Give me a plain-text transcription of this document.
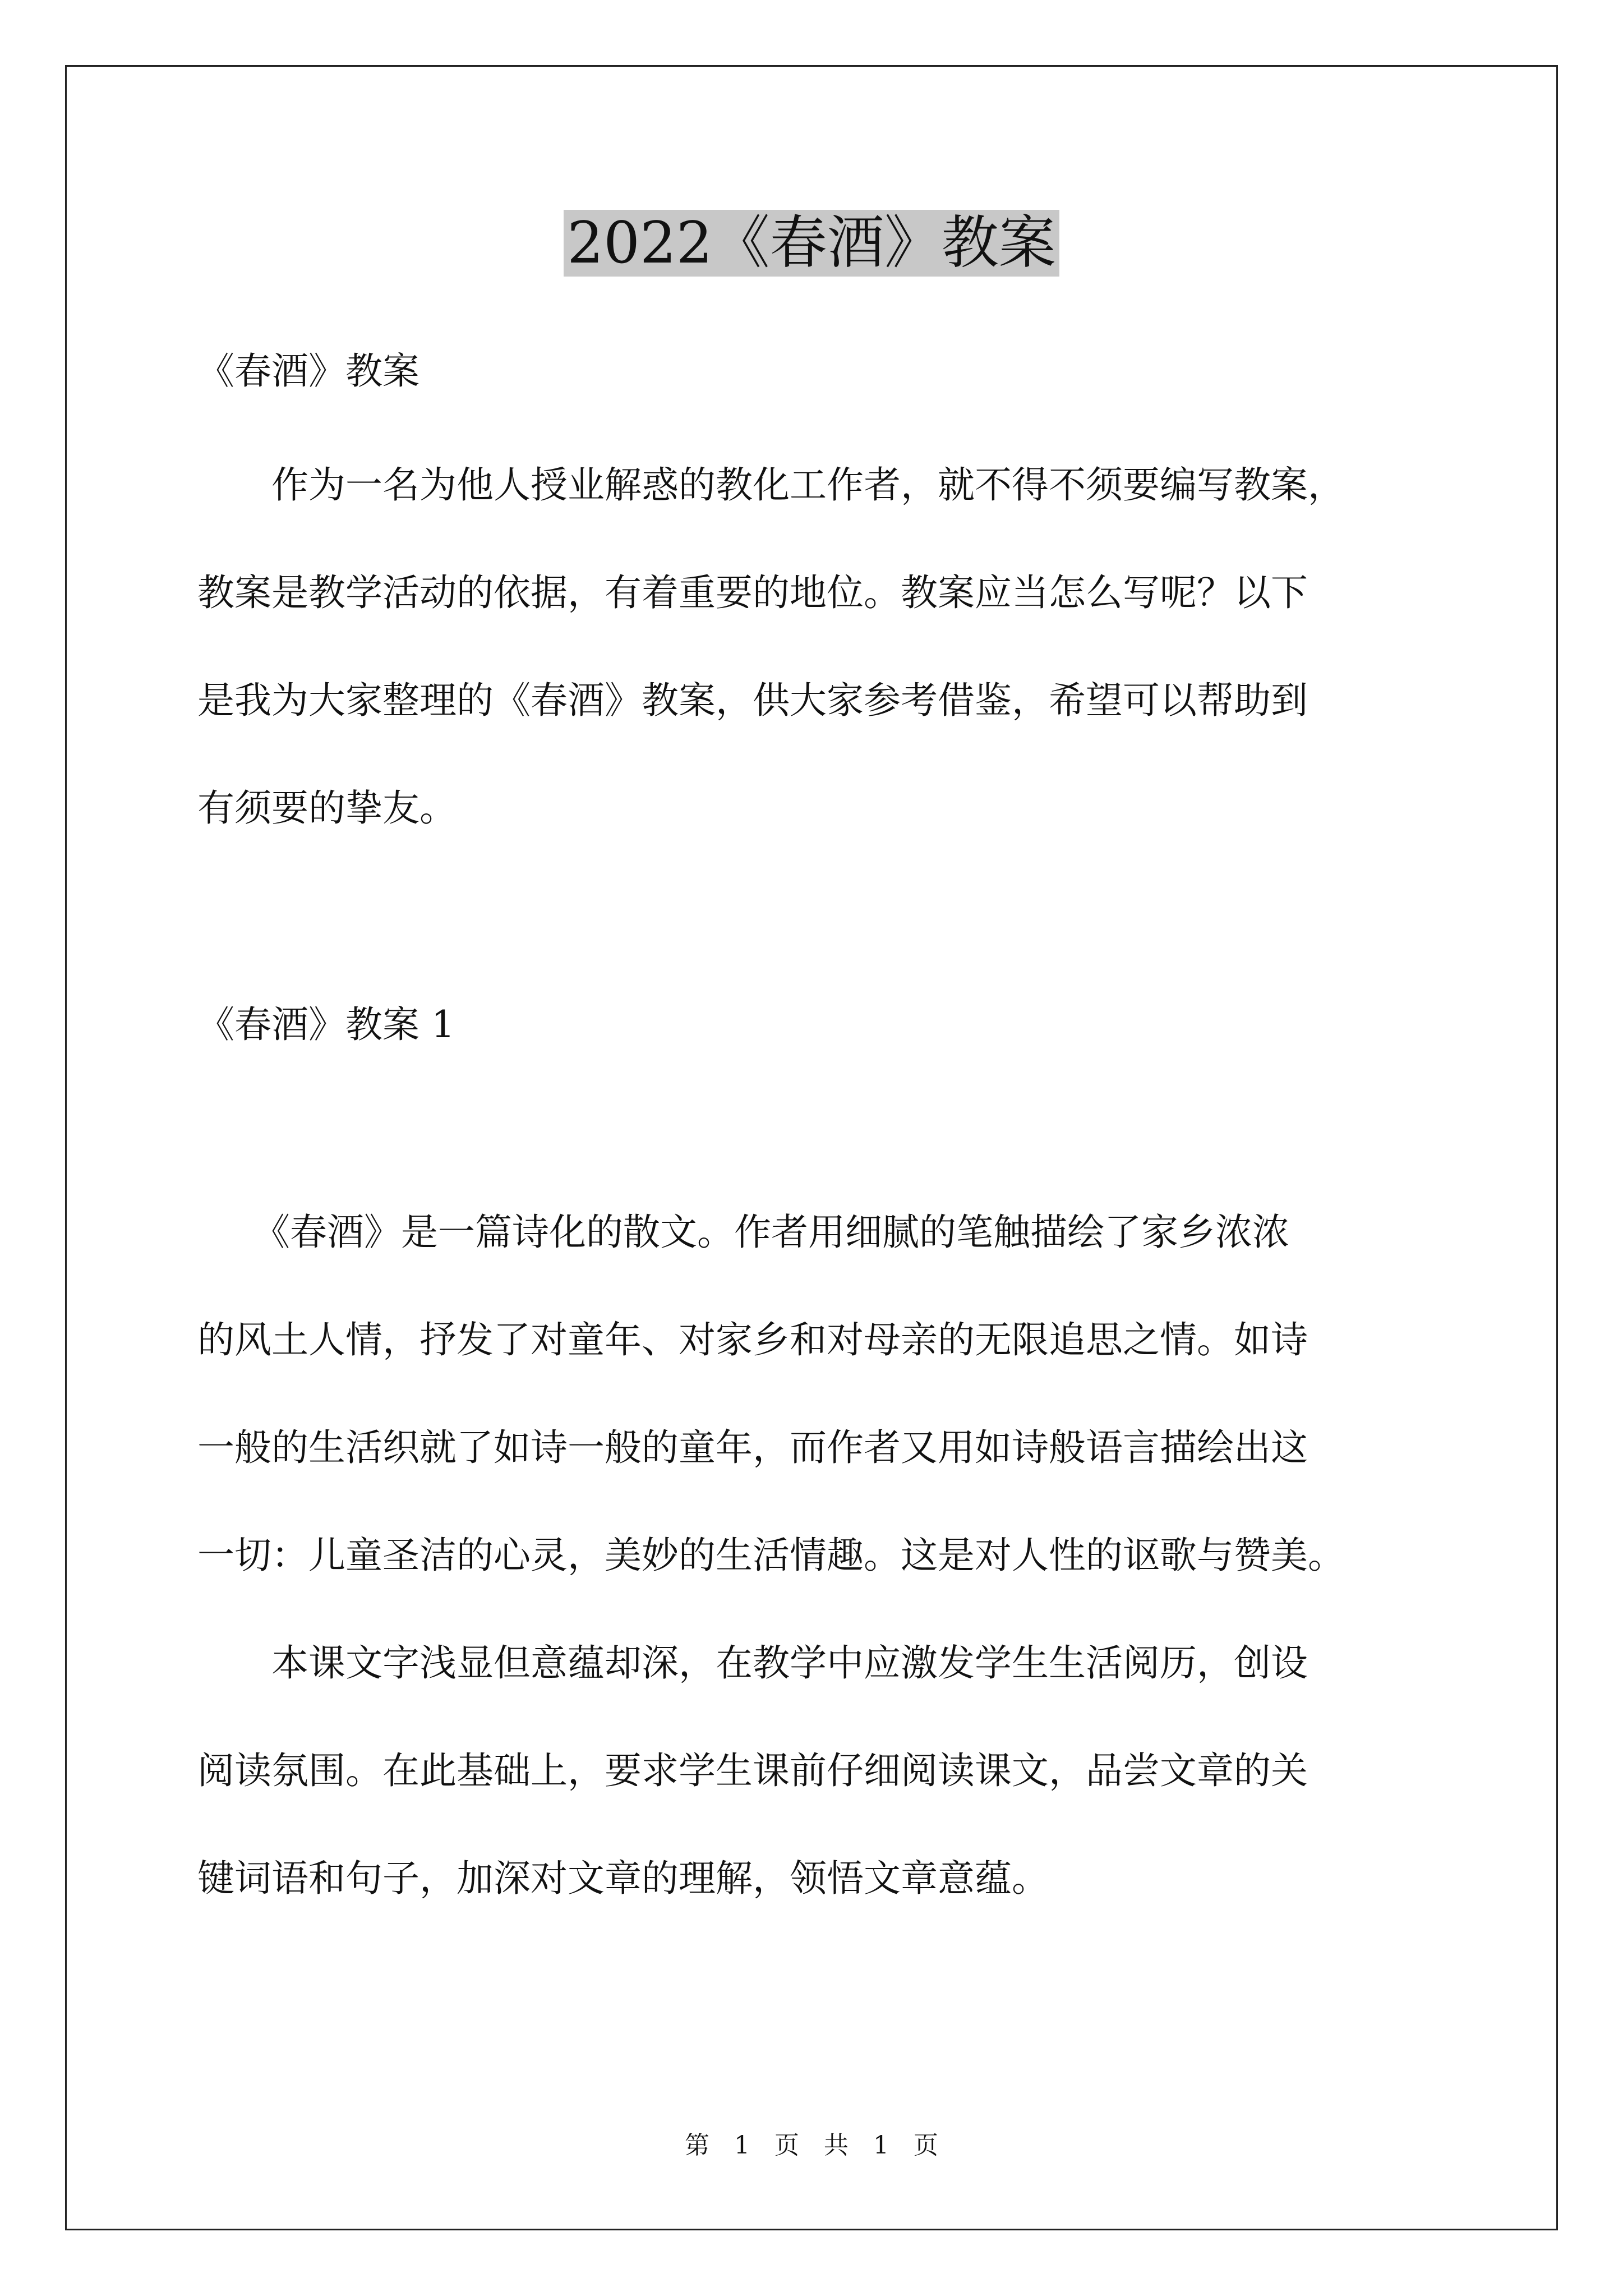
2022《春酒》教案
《春酒》教案
　　作为一名为他人授业解惑的教化工作者，就不得不须要编写教案，
教案是教学活动的依据，有着重要的地位。教案应当怎么写呢？以下
是我为大家整理的《春酒》教案，供大家参考借鉴，希望可以帮助到
有须要的挚友。
《春酒》教案 1
　　《春酒》是一篇诗化的散文。作者用细腻的笔触描绘了家乡浓浓
的风土人情，抒发了对童年、对家乡和对母亲的无限追思之情。如诗
一般的生活织就了如诗一般的童年，而作者又用如诗般语言描绘出这
一切：儿童圣洁的心灵，美妙的生活情趣。这是对人性的讴歌与赞美。
　　本课文字浅显但意蕴却深，在教学中应激发学生生活阅历，创设
阅读氛围。在此基础上，要求学生课前仔细阅读课文，品尝文章的关
键词语和句子，加深对文章的理解，领悟文章意蕴。
第 1 页 共 1 页
